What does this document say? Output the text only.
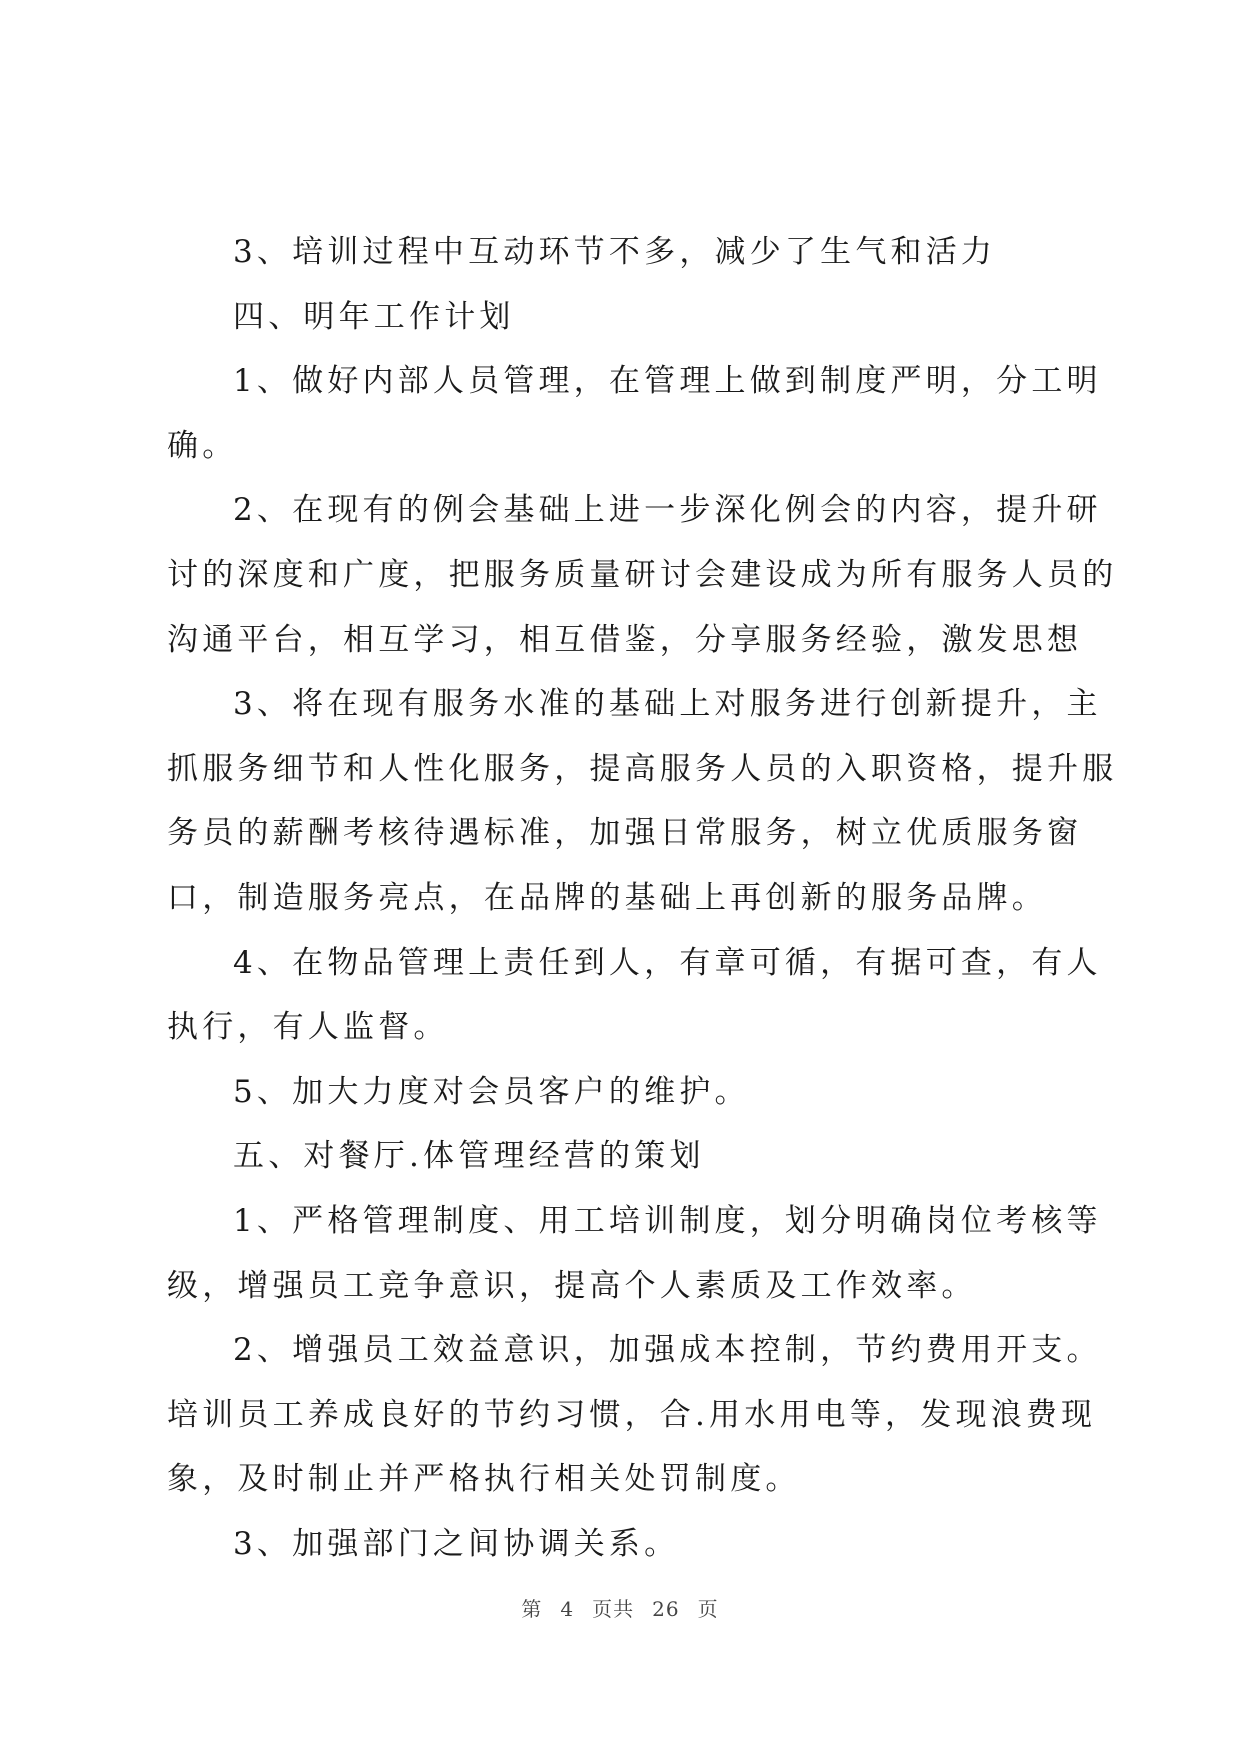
3、培训过程中互动环节不多，减少了生气和活力

四、明年工作计划

1、做好内部人员管理，在管理上做到制度严明，分工明确。

2、在现有的例会基础上进一步深化例会的内容，提升研讨的深度和广度，把服务质量研讨会建设成为所有服务人员的沟通平台，相互学习，相互借鉴，分享服务经验，激发思想

3、将在现有服务水准的基础上对服务进行创新提升，主抓服务细节和人性化服务，提高服务人员的入职资格，提升服务员的薪酬考核待遇标准，加强日常服务，树立优质服务窗口，制造服务亮点，在品牌的基础上再创新的服务品牌。

4、在物品管理上责任到人，有章可循，有据可查，有人执行，有人监督。

5、加大力度对会员客户的维护。

五、对餐厅.体管理经营的策划

1、严格管理制度、用工培训制度，划分明确岗位考核等级，增强员工竞争意识，提高个人素质及工作效率。

2、增强员工效益意识，加强成本控制，节约费用开支。培训员工养成良好的节约习惯，合.用水用电等，发现浪费现象，及时制止并严格执行相关处罚制度。

3、加强部门之间协调关系。

第 4 页共 26 页
